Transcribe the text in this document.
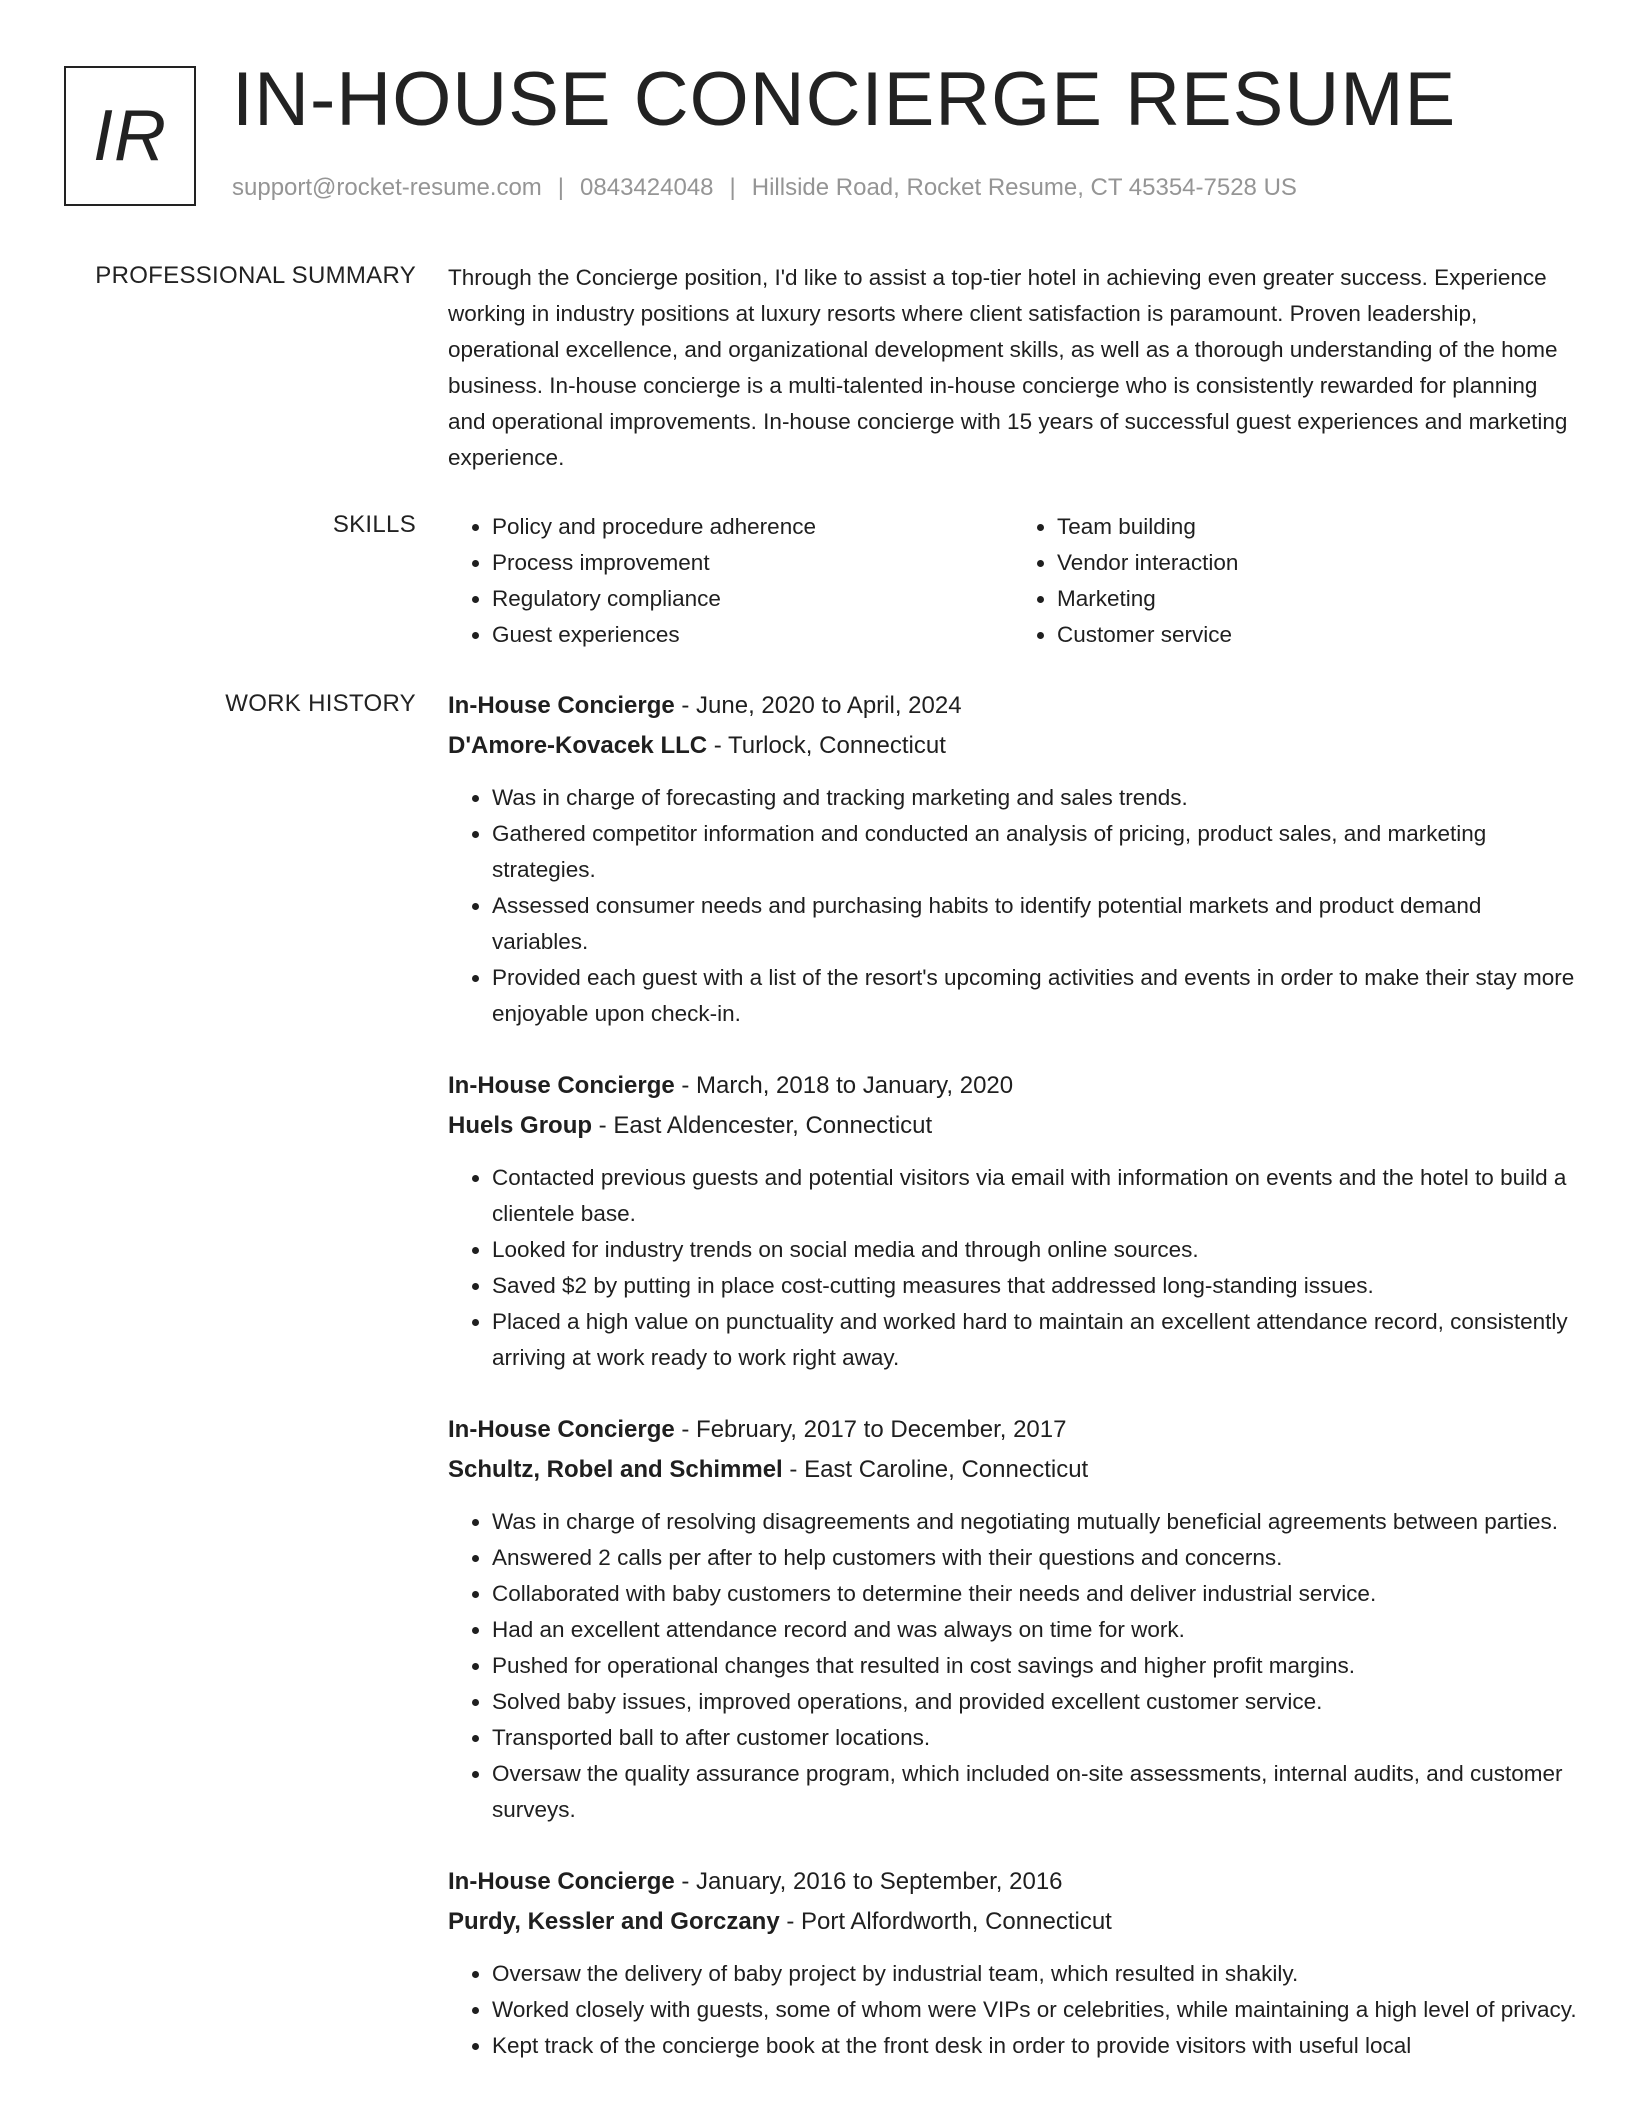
IR IN-HOUSE CONCIERGE RESUME
support@rocket-resume.com | 0843424048 | Hillside Road, Rocket Resume, CT 45354-7528 US
PROFESSIONAL SUMMARY Through the Concierge position, I'd like to assist a top-tier hotel in achieving even greater success. Experience working in industry positions at luxury resorts where client satisfaction is paramount. Proven leadership, operational excellence, and organizational development skills, as well as a thorough understanding of the home business. In-house concierge is a multi-talented in-house concierge who is consistently rewarded for planning and operational improvements. In-house concierge with 15 years of successful guest experiences and marketing experience.

SKILLS
•	Policy and procedure adherence
• Process improvement
• Regulatory compliance
• Guest experiences
• Team building
• Vendor interaction
• Marketing
• Customer service
WORK HISTORY In-House Concierge - June, 2020 to April, 2024
D'Amore-Kovacek LLC - Turlock, Connecticut
• Was in charge of forecasting and tracking marketing and sales trends.
• Gathered competitor information and conducted an analysis of pricing, product sales, and marketing strategies.
• Assessed consumer needs and purchasing habits to identify potential markets and product demand variables.
• Provided each guest with a list of the resort's upcoming activities and events in order to make their stay more enjoyable upon check-in.
In-House Concierge - March, 2018 to January, 2020
Huels Group - East Aldencester, Connecticut
• Contacted previous guests and potential visitors via email with information on events and the hotel to build a clientele base.
• Looked for industry trends on social media and through online sources.
• Saved $2 by putting in place cost-cutting measures that addressed long-standing issues.
• Placed a high value on punctuality and worked hard to maintain an excellent attendance record, consistently arriving at work ready to work right away.
In-House Concierge - February, 2017 to December, 2017
Schultz, Robel and Schimmel - East Caroline, Connecticut
• Was in charge of resolving disagreements and negotiating mutually beneficial agreements between parties.
• Answered 2 calls per after to help customers with their questions and concerns.
• Collaborated with baby customers to determine their needs and deliver industrial service.
• Had an excellent attendance record and was always on time for work.
• Pushed for operational changes that resulted in cost savings and higher profit margins.
• Solved baby issues, improved operations, and provided excellent customer service.
• Transported ball to after customer locations.
• Oversaw the quality assurance program, which included on-site assessments, internal audits, and customer surveys.
In-House Concierge - January, 2016 to September, 2016
Purdy, Kessler and Gorczany - Port Alfordworth, Connecticut
• Oversaw the delivery of baby project by industrial team, which resulted in shakily.
• Worked closely with guests, some of whom were VIPs or celebrities, while maintaining a high level of privacy.
• Kept track of the concierge book at the front desk in order to provide visitors with useful local
